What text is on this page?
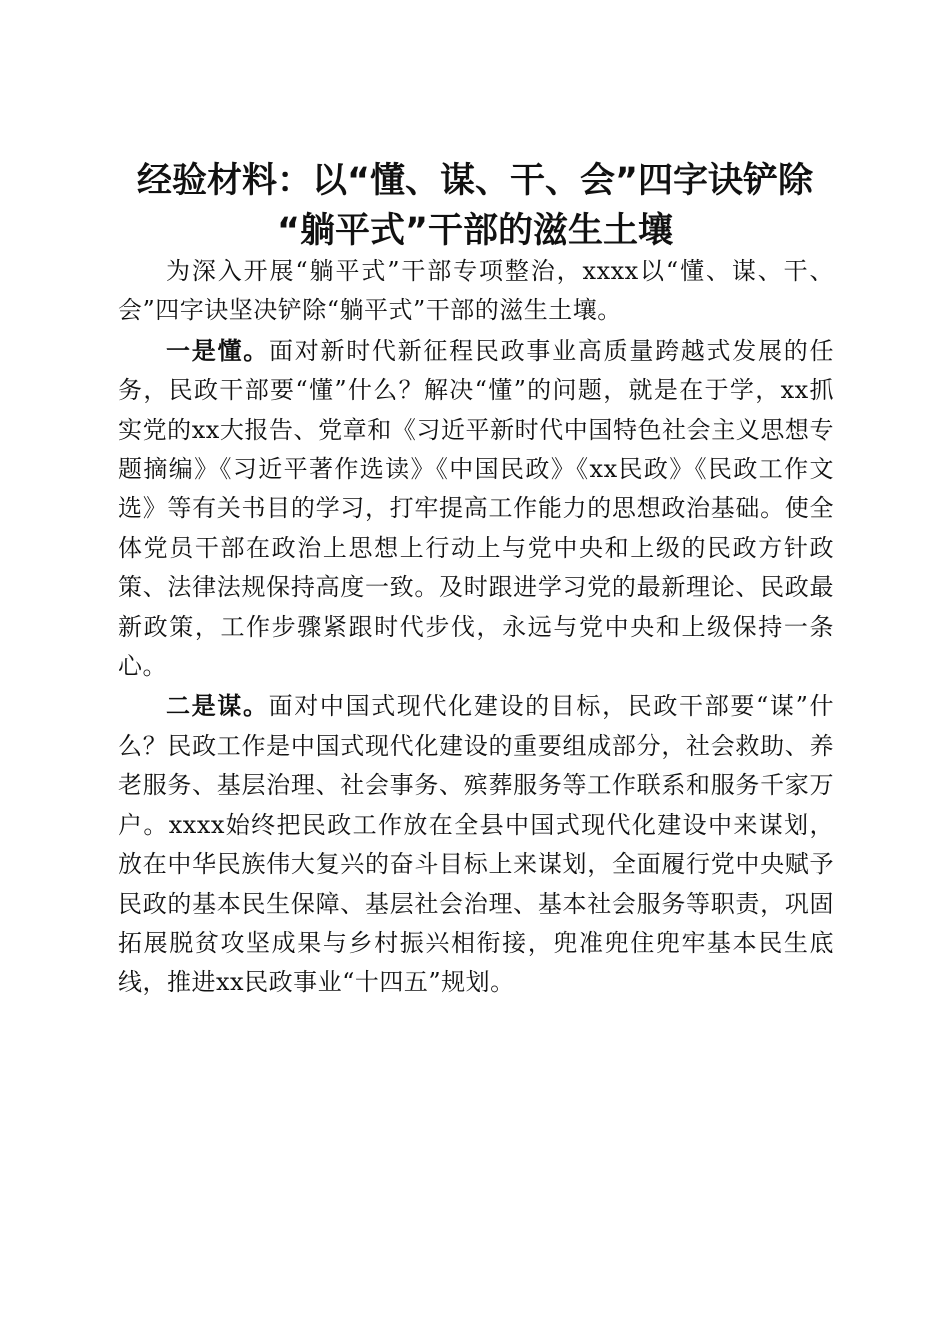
经验材料：以“懂、谋、干、会”四字诀铲除
“躺平式”干部的滋生土壤

为深入开展“躺平式”干部专项整治，xxxx以“懂、谋、干、会”四字诀坚决铲除“躺平式”干部的滋生土壤。

一是懂。面对新时代新征程民政事业高质量跨越式发展的任务，民政干部要“懂”什么？解决“懂”的问题，就是在于学，xx抓实党的xx大报告、党章和《习近平新时代中国特色社会主义思想专题摘编》《习近平著作选读》《中国民政》《xx民政》《民政工作文选》等有关书目的学习，打牢提高工作能力的思想政治基础。使全体党员干部在政治上思想上行动上与党中央和上级的民政方针政策、法律法规保持高度一致。及时跟进学习党的最新理论、民政最新政策，工作步骤紧跟时代步伐，永远与党中央和上级保持一条心。

二是谋。面对中国式现代化建设的目标，民政干部要“谋”什么？民政工作是中国式现代化建设的重要组成部分，社会救助、养老服务、基层治理、社会事务、殡葬服务等工作联系和服务千家万户。xxxx始终把民政工作放在全县中国式现代化建设中来谋划，放在中华民族伟大复兴的奋斗目标上来谋划，全面履行党中央赋予民政的基本民生保障、基层社会治理、基本社会服务等职责，巩固拓展脱贫攻坚成果与乡村振兴相衔接，兜准兜住兜牢基本民生底线，推进xx民政事业“十四五”规划。
